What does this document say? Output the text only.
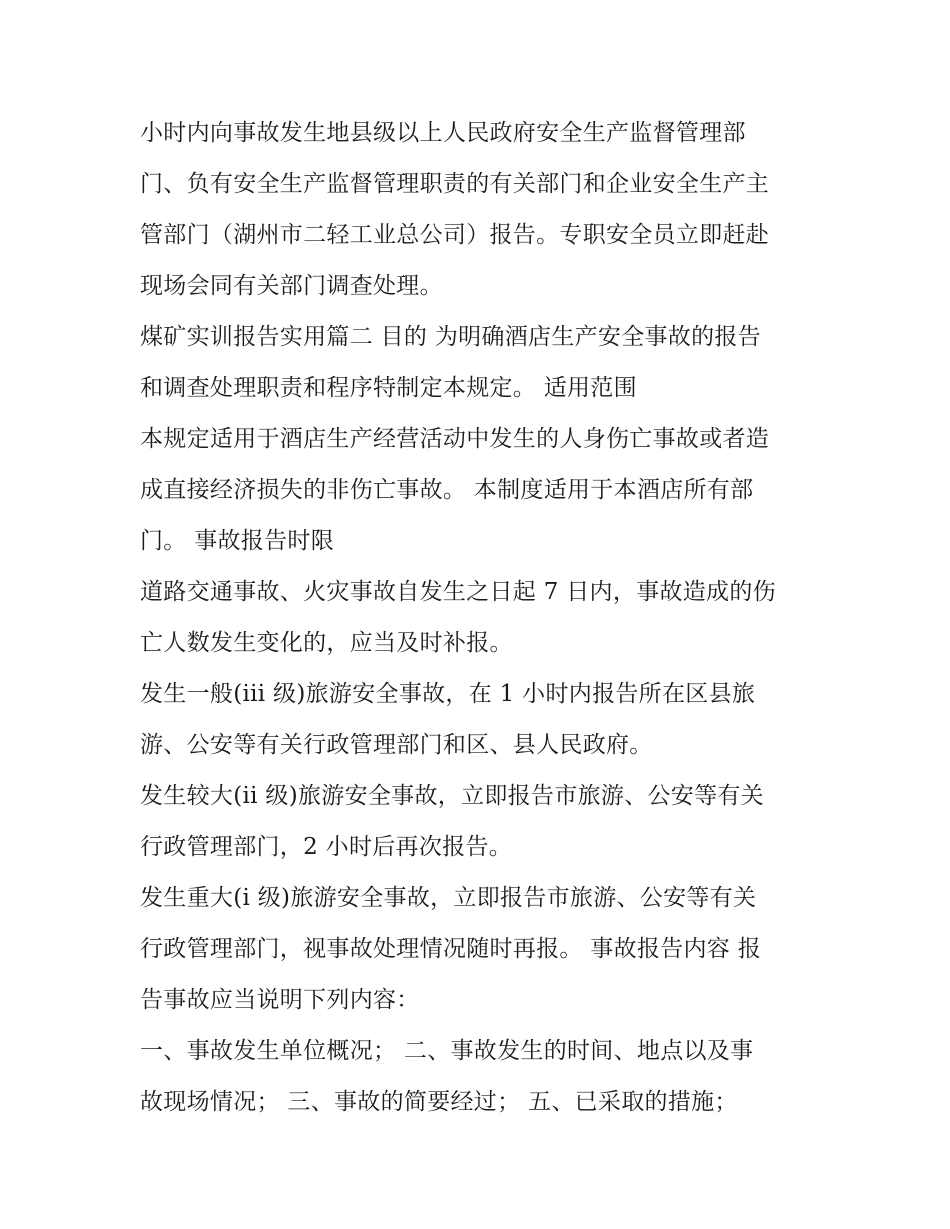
小时内向事故发生地县级以上人民政府安全生产监督管理部
门、负有安全生产监督管理职责的有关部门和企业安全生产主
管部门（湖州市二轻工业总公司）报告。专职安全员立即赶赴
现场会同有关部门调查处理。
煤矿实训报告实用篇二 目的 为明确酒店生产安全事故的报告
和调查处理职责和程序特制定本规定。 适用范围
本规定适用于酒店生产经营活动中发生的人身伤亡事故或者造
成直接经济损失的非伤亡事故。 本制度适用于本酒店所有部
门。 事故报告时限
道路交通事故、火灾事故自发生之日起 7 日内，事故造成的伤
亡人数发生变化的，应当及时补报。
发生一般(iii 级)旅游安全事故，在 1 小时内报告所在区县旅
游、公安等有关行政管理部门和区、县人民政府。
发生较大(ii 级)旅游安全事故，立即报告市旅游、公安等有关
行政管理部门，2 小时后再次报告。
发生重大(i 级)旅游安全事故，立即报告市旅游、公安等有关
行政管理部门，视事故处理情况随时再报。 事故报告内容 报
告事故应当说明下列内容：
一、事故发生单位概况； 二、事故发生的时间、地点以及事
故现场情况； 三、事故的简要经过； 五、已采取的措施；
